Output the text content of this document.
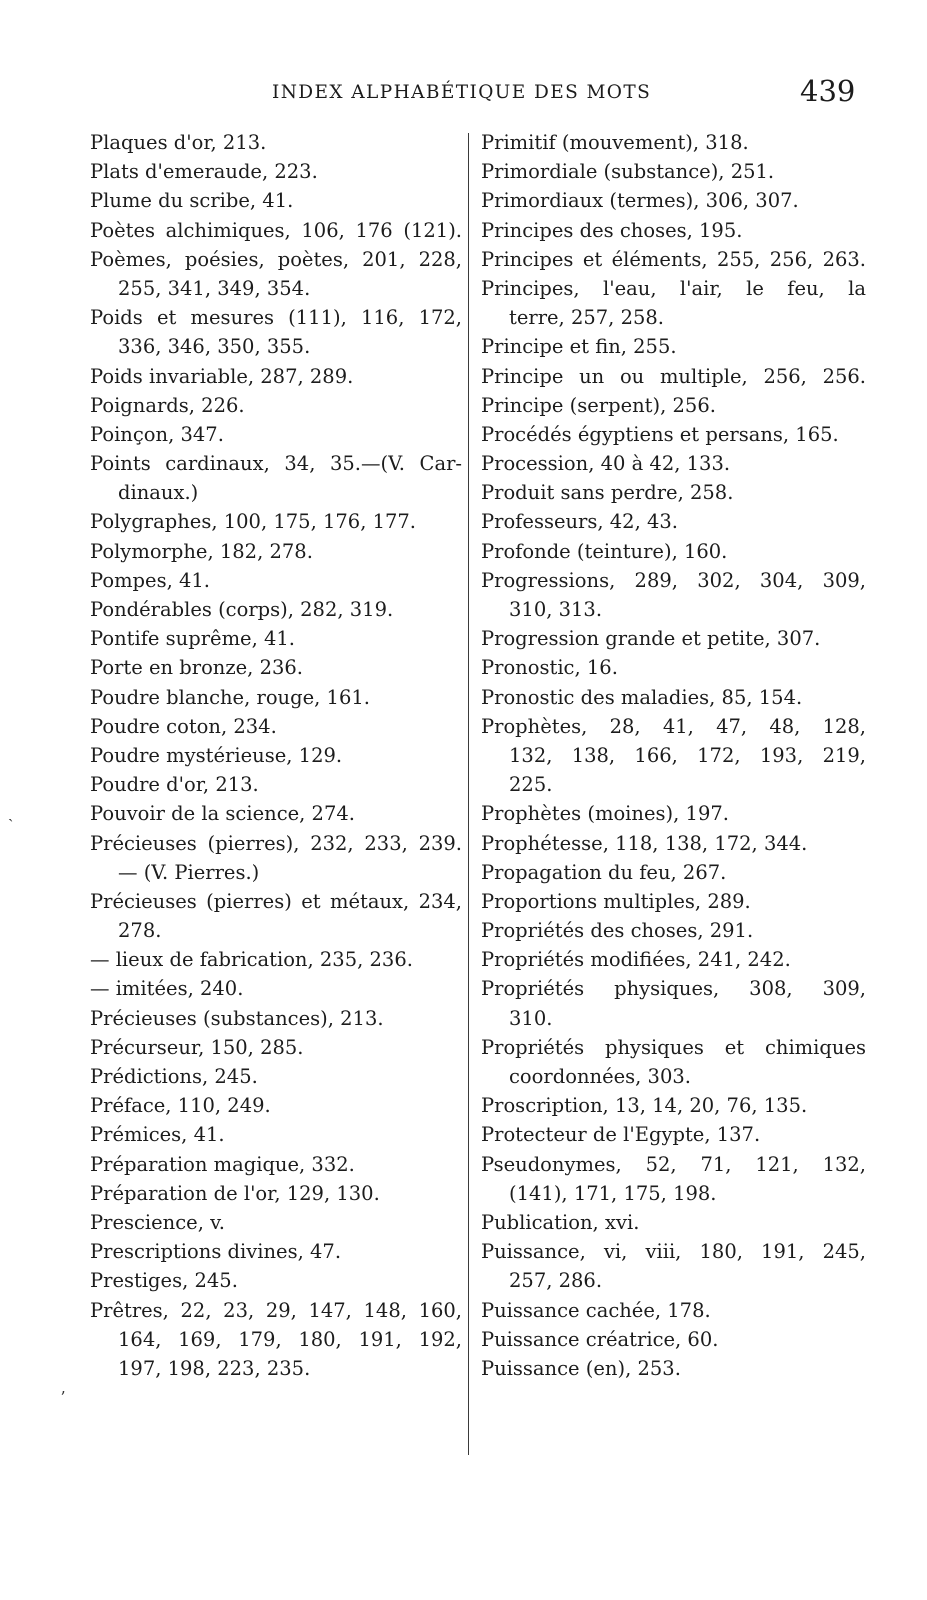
INDEX ALPHABÉTIQUE DES MOTS	439
Plaques d'or, 213.
Plats d'emeraude, 223.
Plume du scribe, 41.
Poètes alchimiques, 106, 176 (121).
Poèmes, poésies, poètes, 201, 228,
255, 341, 349, 354.
Poids et mesures (111), 116, 172,
336, 346, 350, 355.
Poids invariable, 287, 289.
Poignards, 226.
Poinçon, 347.
Points cardinaux, 34, 35.—(V. Car-
dinaux.)
Polygraphes, 100, 175, 176, 177.
Polymorphe, 182, 278.
Pompes, 41.
Pondérables (corps), 282, 319.
Pontife suprême, 41.
Porte en bronze, 236.
Poudre blanche, rouge, 161.
Poudre coton, 234.
Poudre mystérieuse, 129.
Poudre d'or, 213.
Pouvoir de la science, 274.
Précieuses (pierres), 232, 233, 239.
— (V. Pierres.)
Précieuses (pierres) et métaux, 234,
278.
— lieux de fabrication, 235, 236.
— imitées, 240.
Précieuses (substances), 213.
Précurseur, 150, 285.
Prédictions, 245.
Préface, 110, 249.
Prémices, 41.
Préparation magique, 332.
Préparation de l'or, 129, 130.
Prescience, v.
Prescriptions divines, 47.
Prestiges, 245.
Prêtres, 22, 23, 29, 147, 148, 160,
164, 169, 179, 180, 191, 192,
197, 198, 223, 235.
Primitif (mouvement), 318.
Primordiale (substance), 251.
Primordiaux (termes), 306, 307.
Principes des choses, 195.
Principes et éléments, 255, 256, 263.
Principes, l'eau, l'air, le feu, la
terre, 257, 258.
Principe et fin, 255.
Principe un ou multiple, 256, 256.
Principe (serpent), 256.
Procédés égyptiens et persans, 165.
Procession, 40 à 42, 133.
Produit sans perdre, 258.
Professeurs, 42, 43.
Profonde (teinture), 160.
Progressions, 289, 302, 304, 309,
310, 313.
Progression grande et petite, 307.
Pronostic, 16.
Pronostic des maladies, 85, 154.
Prophètes, 28, 41, 47, 48, 128,
132, 138, 166, 172, 193, 219,
225.
Prophètes (moines), 197.
Prophétesse, 118, 138, 172, 344.
Propagation du feu, 267.
Proportions multiples, 289.
Propriétés des choses, 291.
Propriétés modifiées, 241, 242.
Propriétés physiques, 308, 309,
310.
Propriétés physiques et chimiques
coordonnées, 303.
Proscription, 13, 14, 20, 76, 135.
Protecteur de l'Egypte, 137.
Pseudonymes, 52, 71, 121, 132,
(141), 171, 175, 198.
Publication, xvi.
Puissance, vi, viii, 180, 191, 245,
257, 286.
Puissance cachée, 178.
Puissance créatrice, 60.
Puissance (en), 253.
ˏ
ʼ
